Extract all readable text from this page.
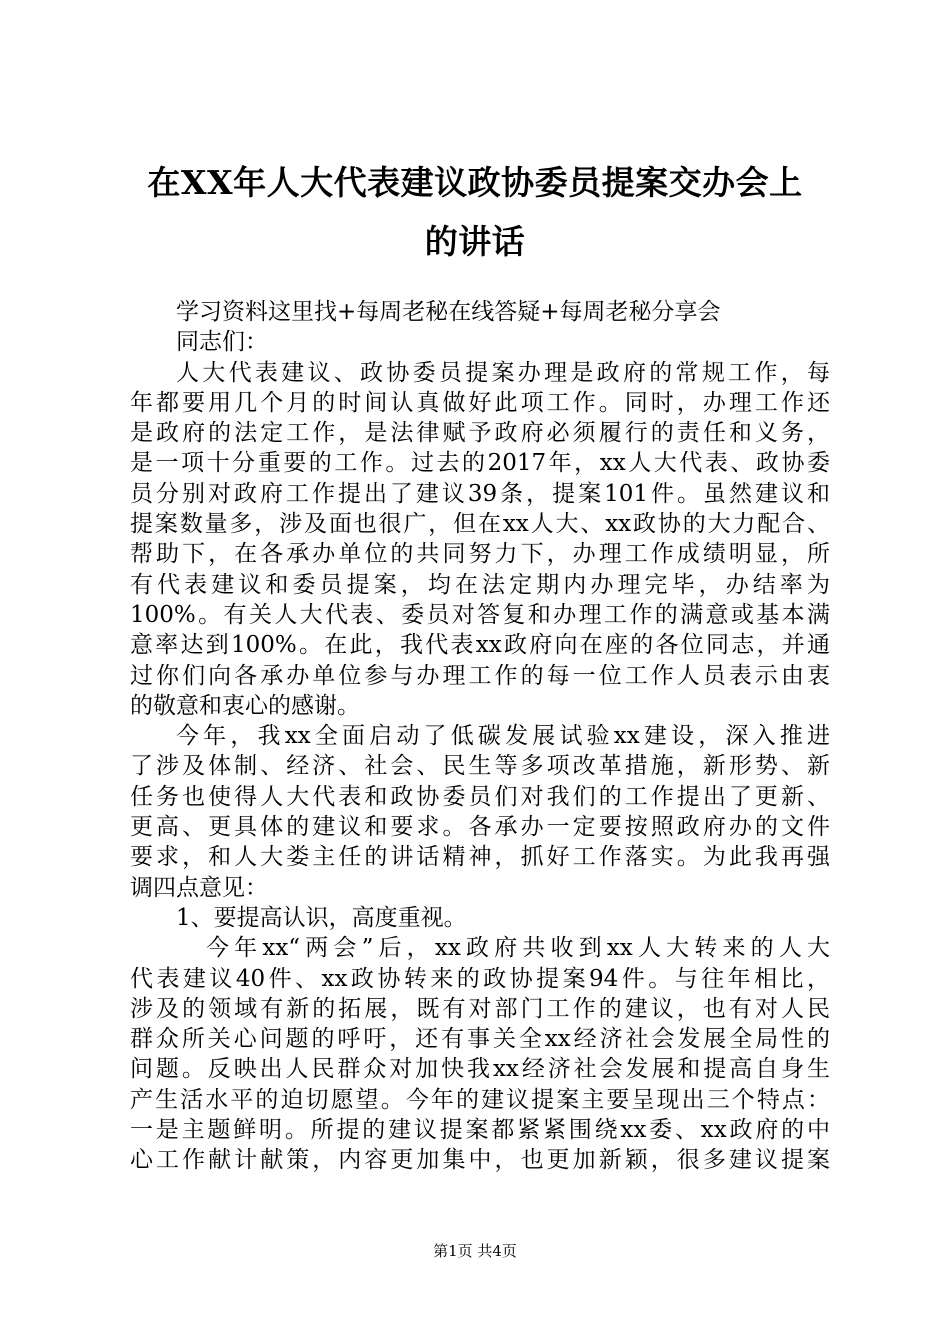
在XX年人大代表建议政协委员提案交办会上
的讲话
学习资料这里找+每周老秘在线答疑+每周老秘分享会
同志们：
人大代表建议、政协委员提案办理是政府的常规工作，每
年都要用几个月的时间认真做好此项工作。同时，办理工作还
是政府的法定工作，是法律赋予政府必须履行的责任和义务，
是一项十分重要的工作。过去的2017年，xx人大代表、政协委
员分别对政府工作提出了建议39条，提案101件。虽然建议和
提案数量多，涉及面也很广，但在xx人大、xx政协的大力配合、
帮助下，在各承办单位的共同努力下，办理工作成绩明显，所
有代表建议和委员提案，均在法定期内办理完毕，办结率为
100%。有关人大代表、委员对答复和办理工作的满意或基本满
意率达到100%。在此，我代表xx政府向在座的各位同志，并通
过你们向各承办单位参与办理工作的每一位工作人员表示由衷
的敬意和衷心的感谢。
今年，我xx全面启动了低碳发展试验xx建设，深入推进
了涉及体制、经济、社会、民生等多项改革措施，新形势、新
任务也使得人大代表和政协委员们对我们的工作提出了更新、
更高、更具体的建议和要求。各承办一定要按照政府办的文件
要求，和人大娄主任的讲话精神，抓好工作落实。为此我再强
调四点意见：
1、要提高认识，高度重视。
今年xx“两会”后，xx政府共收到xx人大转来的人大
代表建议40件、xx政协转来的政协提案94件。与往年相比，
涉及的领域有新的拓展，既有对部门工作的建议，也有对人民
群众所关心问题的呼吁，还有事关全xx经济社会发展全局性的
问题。反映出人民群众对加快我xx经济社会发展和提高自身生
产生活水平的迫切愿望。今年的建议提案主要呈现出三个特点：
一是主题鲜明。所提的建议提案都紧紧围绕xx委、xx政府的中
心工作献计献策，内容更加集中，也更加新颖，很多建议提案
第1页 共4页
